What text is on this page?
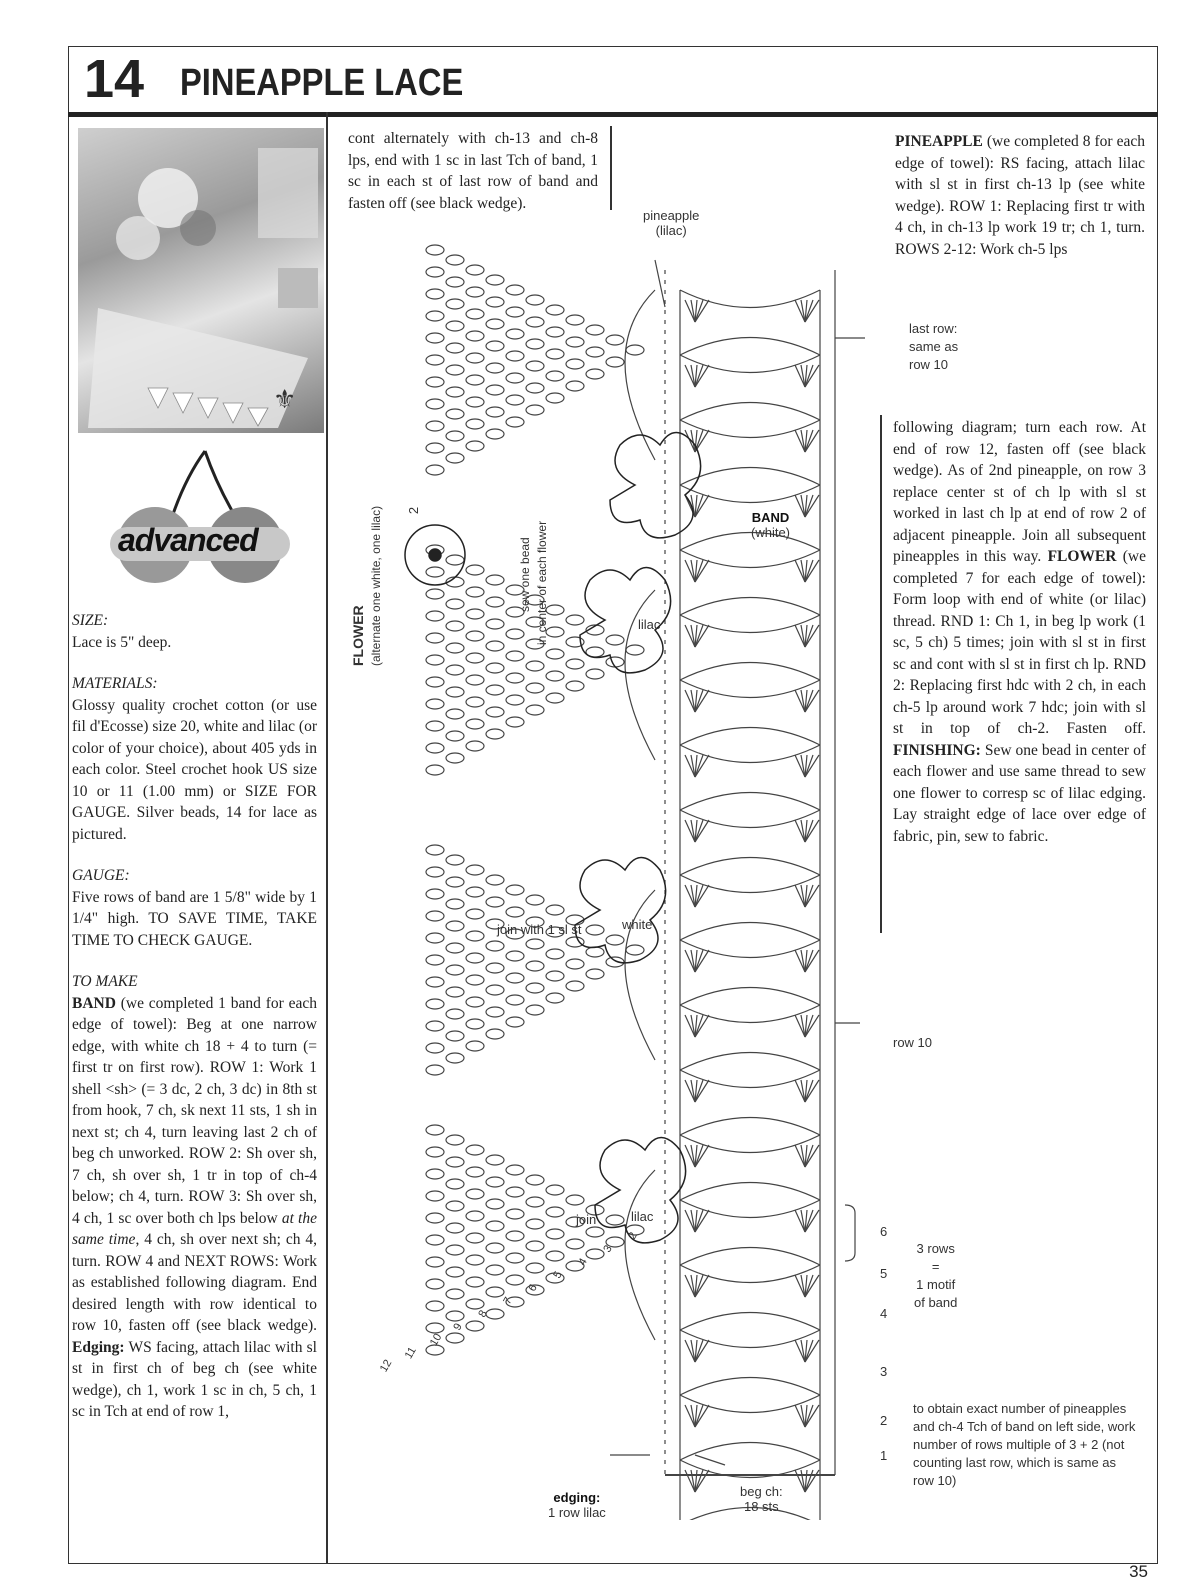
14 PINEAPPLE LACE
⚜
advanced

SIZE:

Lace is 5" deep.

MATERIALS:

Glossy quality crochet cotton (or use fil d'Ecosse) size 20, white and lilac (or color of your choice), about 405 yds in each color. Steel crochet hook US size 10 or 11 (1.00 mm) or SIZE FOR GAUGE. Silver beads, 14 for lace as pictured.

GAUGE:

Five rows of band are 1 5/8" wide by 1 1/4" high. TO SAVE TIME, TAKE TIME TO CHECK GAUGE.

TO MAKE

BAND (we completed 1 band for each edge of towel): Beg at one narrow edge, with white ch 18 + 4 to turn (= first tr on first row). ROW 1: Work 1 shell <sh> (= 3 dc, 2 ch, 3 dc) in 8th st from hook, 7 ch, sk next 11 sts, 1 sh in next st; ch 4, turn leaving last 2 ch of beg ch unworked. ROW 2: Sh over sh, 7 ch, sh over sh, 1 tr in top of ch-4 below; ch 4, turn. ROW 3: Sh over sh, 4 ch, 1 sc over both ch lps below at the same time, 4 ch, sh over next sh; ch 4, turn. ROW 4 and NEXT ROWS: Work as established following diagram. End desired length with row identical to row 10, fasten off (see black wedge). Edging: WS facing, attach lilac with sl st in first ch of beg ch (see white wedge), ch 1, work 1 sc in ch, 5 ch, 1 sc in Tch at end of row 1,

cont alternately with ch-13 and ch-8 lps, end with 1 sc in last Tch of band, 1 sc in each st of last row of band and fasten off (see black wedge).
PINEAPPLE (we completed 8 for each edge of towel): RS facing, attach lilac with sl st in first ch-13 lp (see white wedge). ROW 1: Replacing first tr with 4 ch, in ch-13 lp work 19 tr; ch 1, turn. ROWS 2-12: Work ch-5 lps
following diagram; turn each row. At end of row 12, fasten off (see black wedge). As of 2nd pineapple, on row 3 replace center st of ch lp with sl st worked in last ch lp at end of row 2 of adjacent pineapple. Join all subsequent pineapples in this way. FLOWER (we completed 7 for each edge of towel): Form loop with end of white (or lilac) thread. RND 1: Ch 1, in beg lp work (1 sc, 5 ch) 5 times; join with sl st in first sc and cont with sl st in first ch lp. RND 2: Replacing first hdc with 2 ch, in each ch-5 lp around work 7 hdc; join with sl st in top of ch-2. Fasten off. FINISHING: Sew one bead in center of each flower and use same thread to sew one flower to corresp sc of lilac edging. Lay straight edge of lace over edge of fabric, pin, sew to fabric.
pineapple
(lilac)
last row:
same as
row 10
BAND
(white)
FLOWER (alternate one white, one lilac)	sew one bead in center of each flower	lilac
white
lilac
join with 1 sl st
join
row 10
3 rows
=
1 motif
of band
edging:
1 row lilac
beg ch:
18 sts
to obtain exact number of pineapples and ch-4 Tch of band on left side, work number of rows multiple of 3 + 2 (not counting last row, which is same as row 10)
1
2
3
4
5
6
2
3
4
5
6
7
8
9
10
11
12
2
35
